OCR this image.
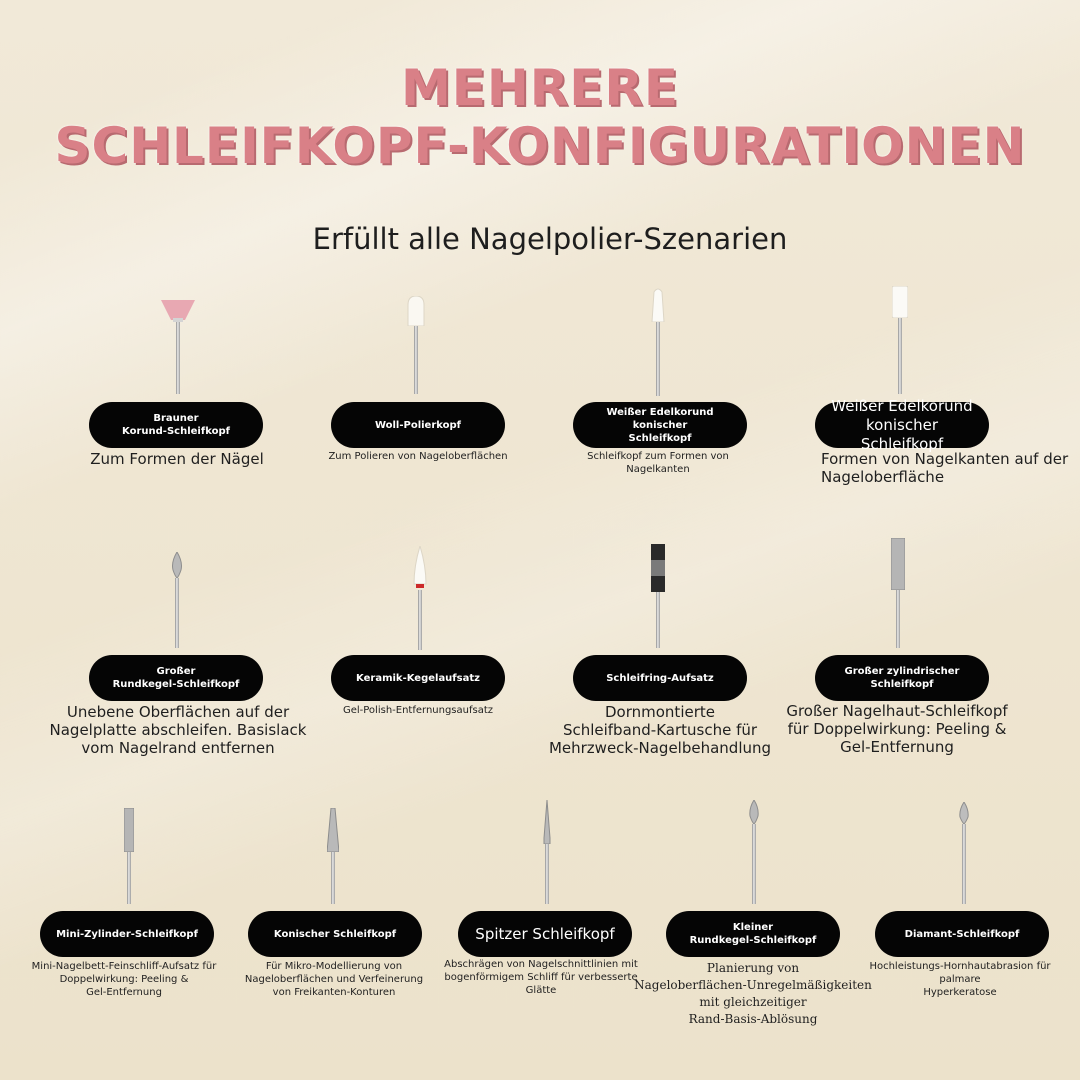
MEHRERE
SCHLEIFKOPF-KONFIGURATIONEN
Erfüllt alle Nagelpolier-Szenarien
Brauner
Korund-Schleifkopf
Zum Formen der Nägel
Woll-Polierkopf
Zum Polieren von Nageloberflächen
Weißer Edelkorund konischer
Schleifkopf
Schleifkopf zum Formen von
Nagelkanten
Weißer Edelkorund
konischer Schleifkopf
Formen von Nagelkanten auf der
Nageloberfläche
Großer
Rundkegel-Schleifkopf
Unebene Oberflächen auf der
Nagelplatte abschleifen. Basislack
vom Nagelrand entfernen
Keramik-Kegelaufsatz
Gel-Polish-Entfernungsaufsatz
Schleifring-Aufsatz
Dornmontierte
Schleifband-Kartusche für
Mehrzweck-Nagelbehandlung
Großer zylindrischer
Schleifkopf
Großer Nagelhaut-Schleifkopf
für Doppelwirkung: Peeling &
Gel-Entfernung
Mini-Zylinder-Schleifkopf
Mini-Nagelbett-Feinschliff-Aufsatz für
Doppelwirkung: Peeling &
Gel-Entfernung
Konischer Schleifkopf
Für Mikro-Modellierung von
Nageloberflächen und Verfeinerung
von Freikanten-Konturen
Spitzer Schleifkopf
Abschrägen von Nagelschnittlinien mit
bogenförmigem Schliff für verbesserte
Glätte
Kleiner
Rundkegel-Schleifkopf
Planierung von
Nageloberflächen-Unregelmäßigkeiten
mit gleichzeitiger
Rand-Basis-Ablösung
Diamant-Schleifkopf
Hochleistungs-Hornhautabrasion für
palmare
Hyperkeratose
